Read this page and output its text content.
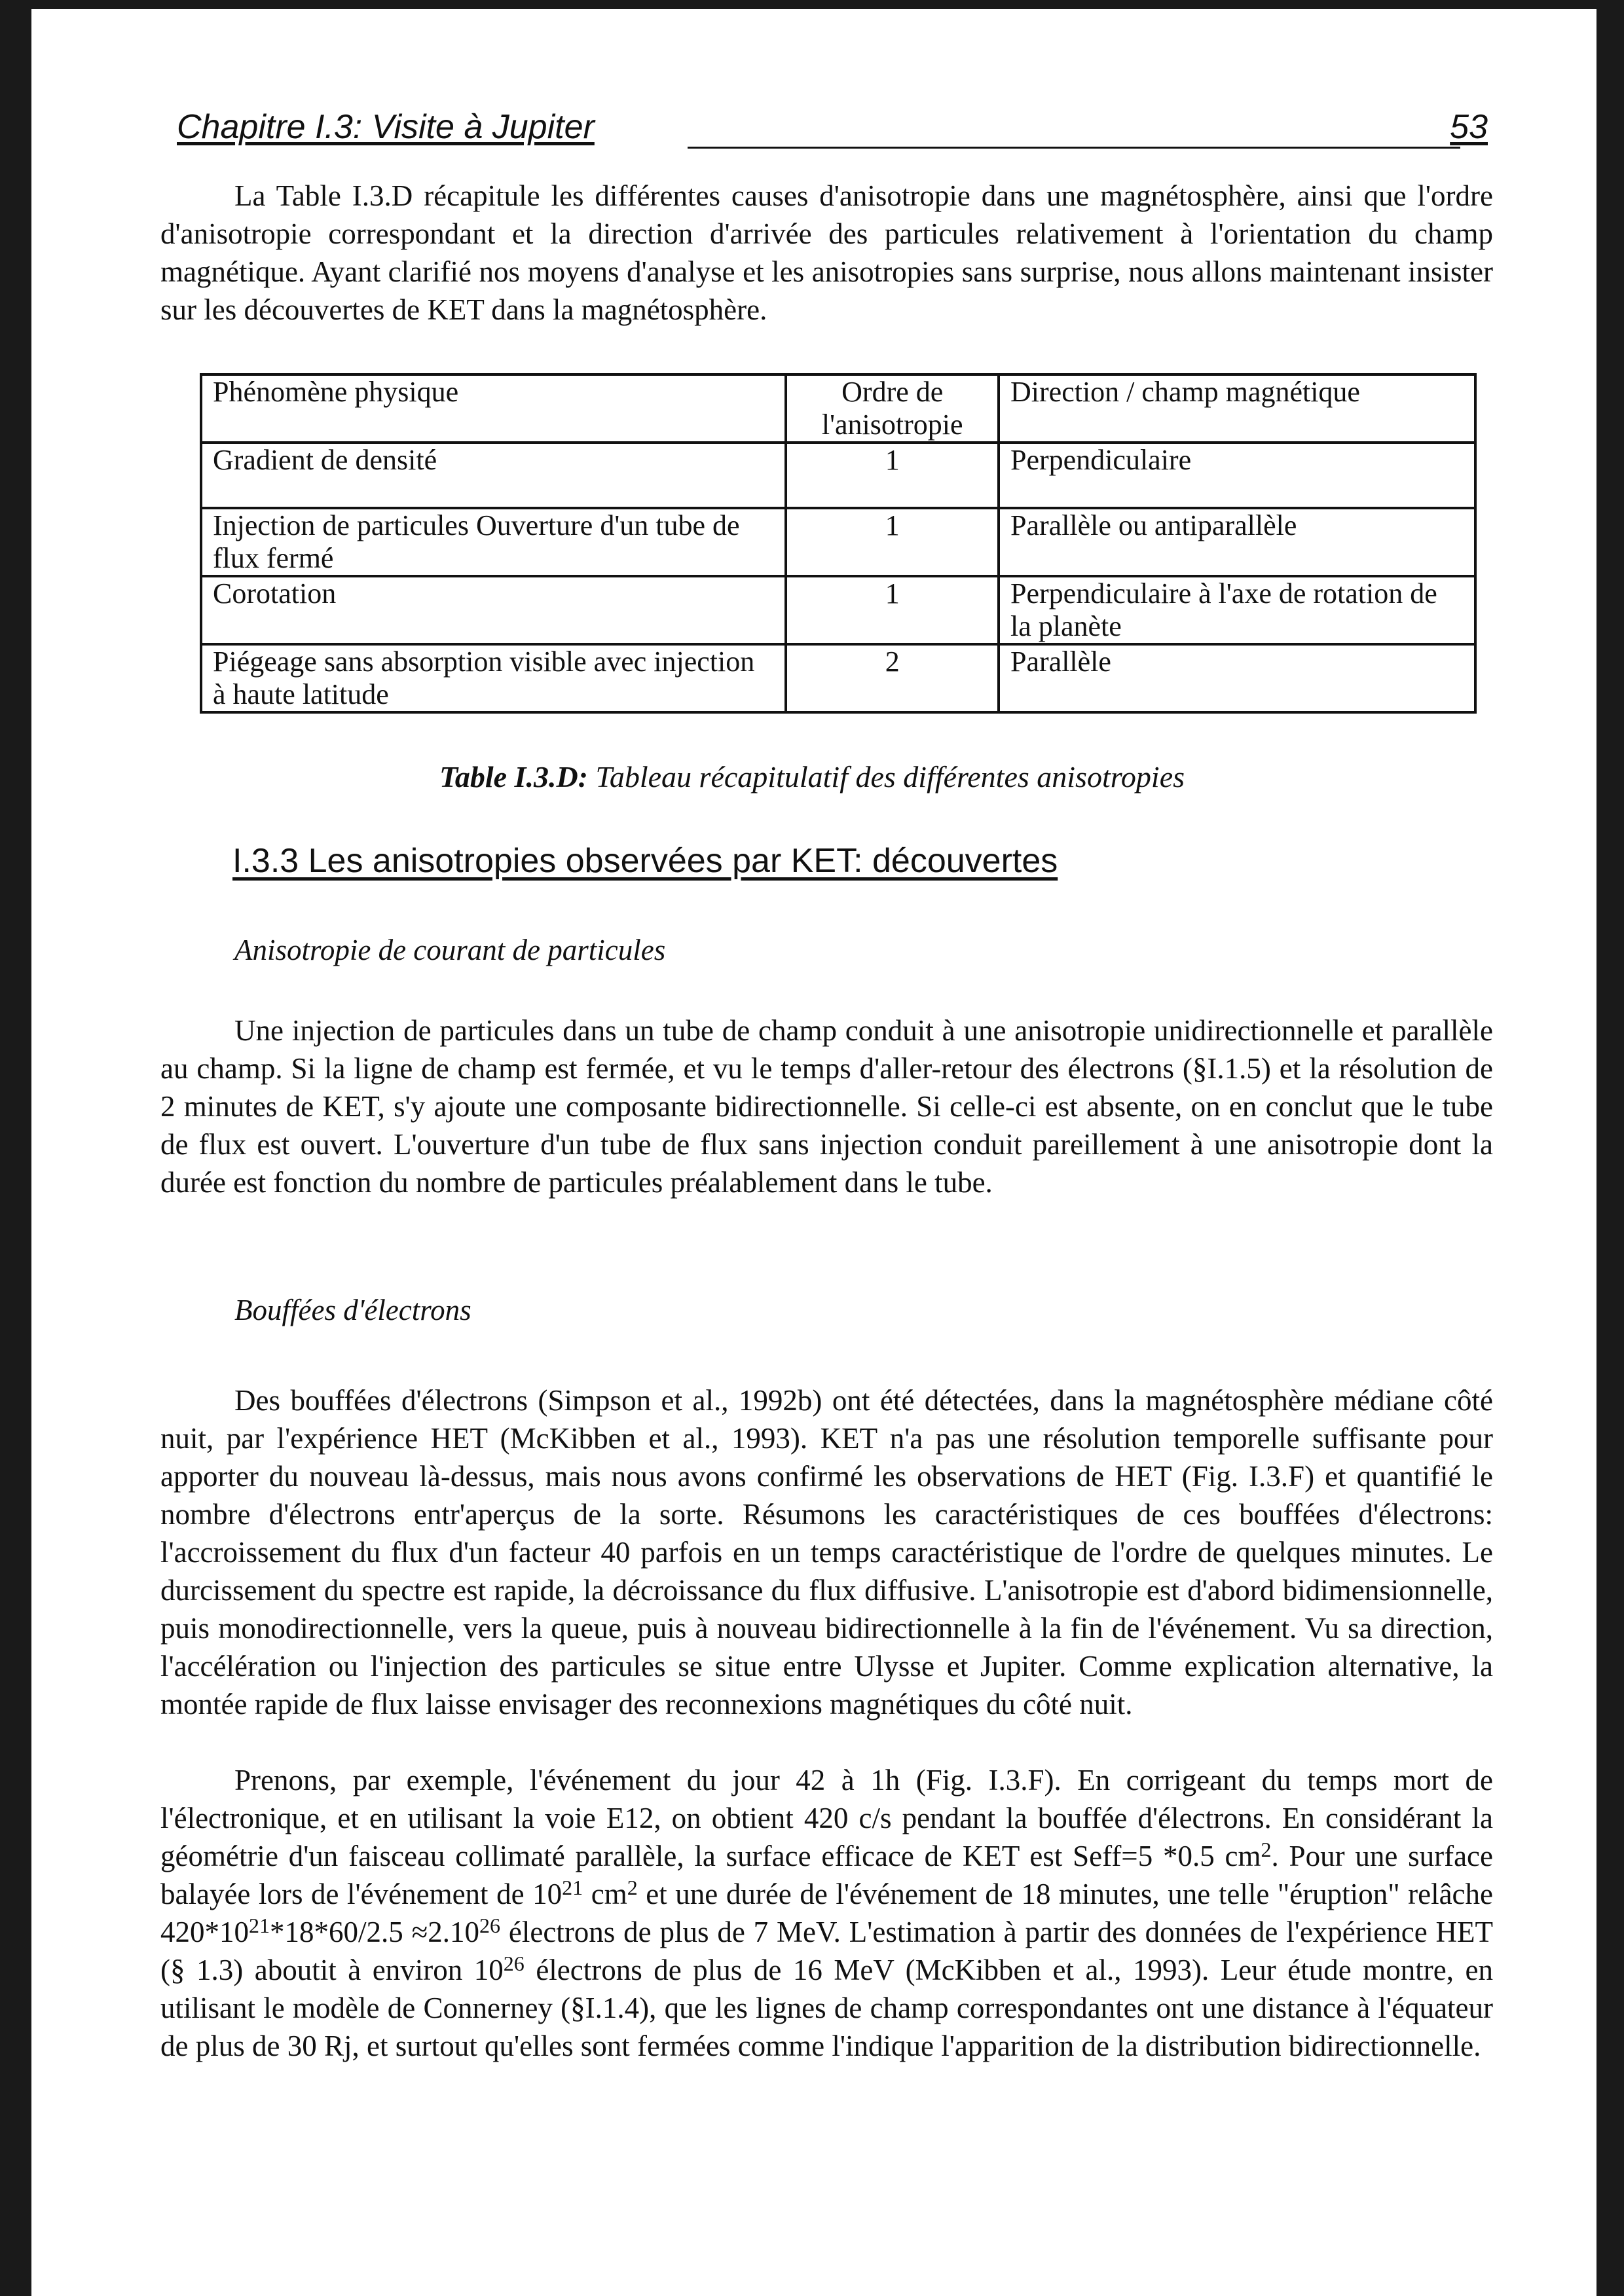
Chapitre I.3: Visite à Jupiter	53

La Table I.3.D récapitule les différentes causes d'anisotropie dans une magnétosphère, ainsi que l'ordre d'anisotropie correspondant et la direction d'arrivée des particules relativement à l'orientation du champ magnétique. Ayant clarifié nos moyens d'analyse et les anisotropies sans surprise, nous allons maintenant insister sur les découvertes de KET dans la magnétosphère.

Phénomène physique	Ordre de l'anisotropie	Direction / champ magnétique
Gradient de densité	1	Perpendiculaire
Injection de particules Ouverture d'un tube de flux fermé	1	Parallèle ou antiparallèle
Corotation	1	Perpendiculaire à l'axe de rotation de la planète
Piégeage sans absorption visible avec injection à haute latitude	2	Parallèle
Table I.3.D: Tableau récapitulatif des différentes anisotropies
I.3.3 Les anisotropies observées par KET: découvertes
Anisotropie de courant de particules

Une injection de particules dans un tube de champ conduit à une anisotropie unidirectionnelle et parallèle au champ. Si la ligne de champ est fermée, et vu le temps d'aller-retour des électrons (§I.1.5) et la résolution de 2 minutes de KET, s'y ajoute une composante bidirectionnelle. Si celle-ci est absente, on en conclut que le tube de flux est ouvert. L'ouverture d'un tube de flux sans injection conduit pareillement à une anisotropie dont la durée est fonction du nombre de particules préalablement dans le tube.

Bouffées d'électrons

Des bouffées d'électrons (Simpson et al., 1992b) ont été détectées, dans la magnétosphère médiane côté nuit, par l'expérience HET (McKibben et al., 1993). KET n'a pas une résolution temporelle suffisante pour apporter du nouveau là-dessus, mais nous avons confirmé les observations de HET (Fig. I.3.F) et quantifié le nombre d'électrons entr'aperçus de la sorte. Résumons les caractéristiques de ces bouffées d'électrons: l'accroissement du flux d'un facteur 40 parfois en un temps caractéristique de l'ordre de quelques minutes. Le durcissement du spectre est rapide, la décroissance du flux diffusive. L'anisotropie est d'abord bidimensionnelle, puis monodirectionnelle, vers la queue, puis à nouveau bidirectionnelle à la fin de l'événement. Vu sa direction, l'accélération ou l'injection des particules se situe entre Ulysse et Jupiter. Comme explication alternative, la montée rapide de flux laisse envisager des reconnexions magnétiques du côté nuit.

Prenons, par exemple, l'événement du jour 42 à 1h (Fig. I.3.F). En corrigeant du temps mort de l'électronique, et en utilisant la voie E12, on obtient 420 c/s pendant la bouffée d'électrons. En considérant la géométrie d'un faisceau collimaté parallèle, la surface efficace de KET est Seff=5 *0.5 $cm^2$. Pour une surface balayée lors de l'événement de $10^{21}$ $cm^2$ et une durée de l'événement de 18 minutes, une telle "éruption" relâche $420*10^{21}*18*60/2.5 \approx 2.10^{26}$ électrons de plus de 7 MeV. L'estimation à partir des données de l'expérience HET (§ 1.3) aboutit à environ $10^{26}$ électrons de plus de 16 MeV (McKibben et al., 1993). Leur étude montre, en utilisant le modèle de Connerney (§I.1.4), que les lignes de champ correspondantes ont une distance à l'équateur de plus de 30 Rj, et surtout qu'elles sont fermées comme l'indique l'apparition de la distribution bidirectionnelle.
